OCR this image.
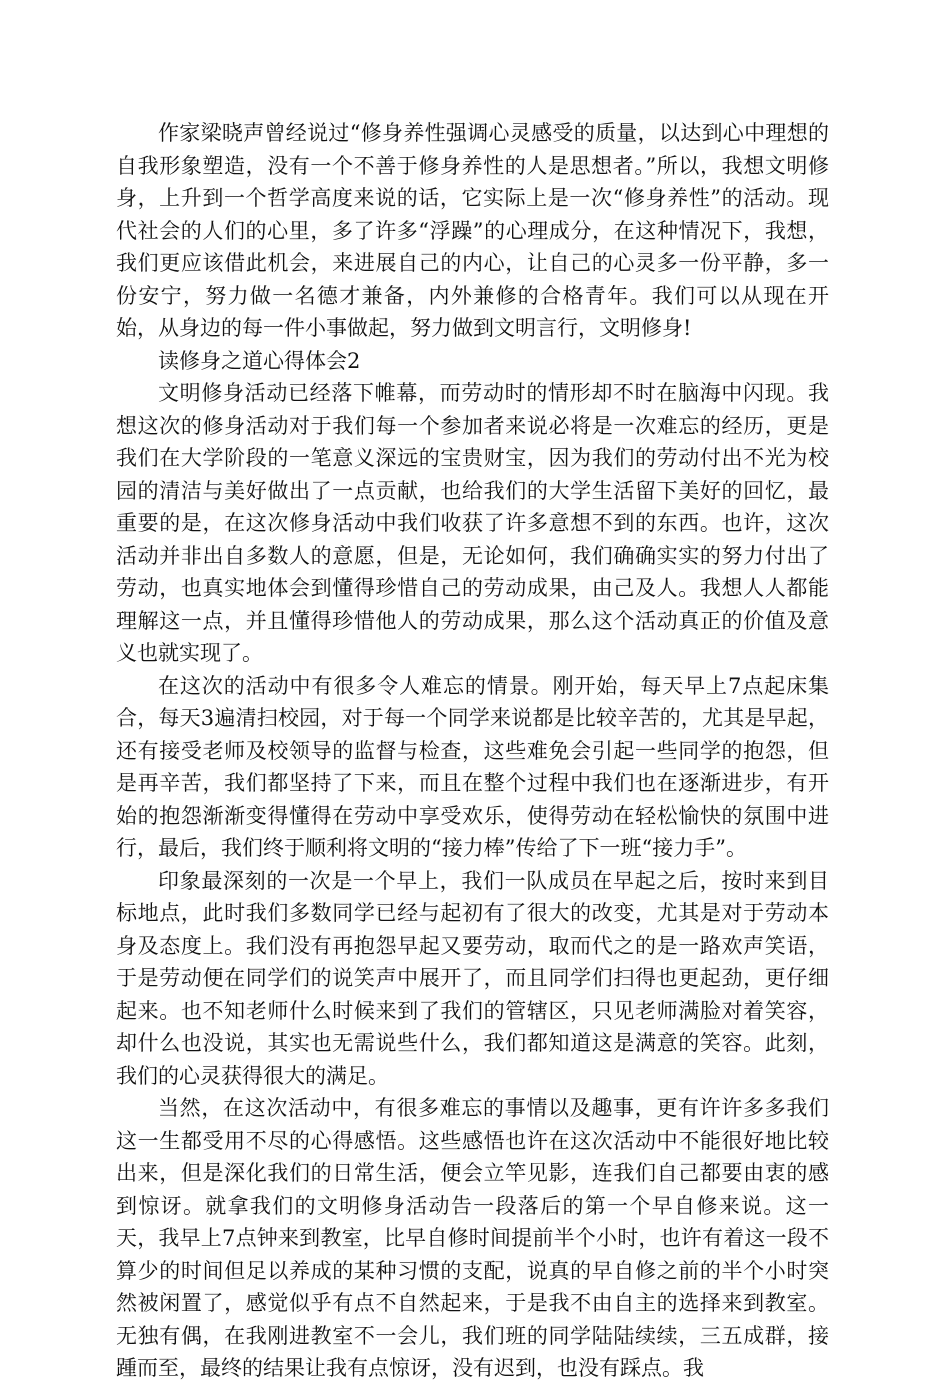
作家梁晓声曾经说过“修身养性强调心灵感受的质量，以达到心中理想的自我形象塑造，没有一个不善于修身养性的人是思想者。”所以，我想文明修身，上升到一个哲学高度来说的话，它实际上是一次“修身养性”的活动。现代社会的人们的心里，多了许多“浮躁”的心理成分，在这种情况下，我想，我们更应该借此机会，来进展自己的内心，让自己的心灵多一份平静，多一份安宁，努力做一名德才兼备，内外兼修的合格青年。我们可以从现在开始，从身边的每一件小事做起，努力做到文明言行，文明修身!

读修身之道心得体会2

文明修身活动已经落下帷幕，而劳动时的情形却不时在脑海中闪现。我想这次的修身活动对于我们每一个参加者来说必将是一次难忘的经历，更是我们在大学阶段的一笔意义深远的宝贵财宝，因为我们的劳动付出不光为校园的清洁与美好做出了一点贡献，也给我们的大学生活留下美好的回忆，最重要的是，在这次修身活动中我们收获了许多意想不到的东西。也许，这次活动并非出自多数人的意愿，但是，无论如何，我们确确实实的努力付出了劳动，也真实地体会到懂得珍惜自己的劳动成果，由己及人。我想人人都能理解这一点，并且懂得珍惜他人的劳动成果，那么这个活动真正的价值及意义也就实现了。

在这次的活动中有很多令人难忘的情景。刚开始，每天早上7点起床集合，每天3遍清扫校园，对于每一个同学来说都是比较辛苦的，尤其是早起，还有接受老师及校领导的监督与检查，这些难免会引起一些同学的抱怨，但是再辛苦，我们都坚持了下来，而且在整个过程中我们也在逐渐进步，有开始的抱怨渐渐变得懂得在劳动中享受欢乐，使得劳动在轻松愉快的氛围中进行，最后，我们终于顺利将文明的“接力棒”传给了下一班“接力手”。

印象最深刻的一次是一个早上，我们一队成员在早起之后，按时来到目标地点，此时我们多数同学已经与起初有了很大的改变，尤其是对于劳动本身及态度上。我们没有再抱怨早起又要劳动，取而代之的是一路欢声笑语，于是劳动便在同学们的说笑声中展开了，而且同学们扫得也更起劲，更仔细起来。也不知老师什么时候来到了我们的管辖区，只见老师满脸对着笑容，却什么也没说，其实也无需说些什么，我们都知道这是满意的笑容。此刻，我们的心灵获得很大的满足。

当然，在这次活动中，有很多难忘的事情以及趣事，更有许许多多我们这一生都受用不尽的心得感悟。这些感悟也许在这次活动中不能很好地比较出来，但是深化我们的日常生活，便会立竿见影，连我们自己都要由衷的感到惊讶。就拿我们的文明修身活动告一段落后的第一个早自修来说。这一天，我早上7点钟来到教室，比早自修时间提前半个小时，也许有着这一段不算少的时间但足以养成的某种习惯的支配，说真的早自修之前的半个小时突然被闲置了，感觉似乎有点不自然起来，于是我不由自主的选择来到教室。无独有偶，在我刚进教室不一会儿，我们班的同学陆陆续续，三五成群，接踵而至，最终的结果让我有点惊讶，没有迟到，也没有踩点。我
